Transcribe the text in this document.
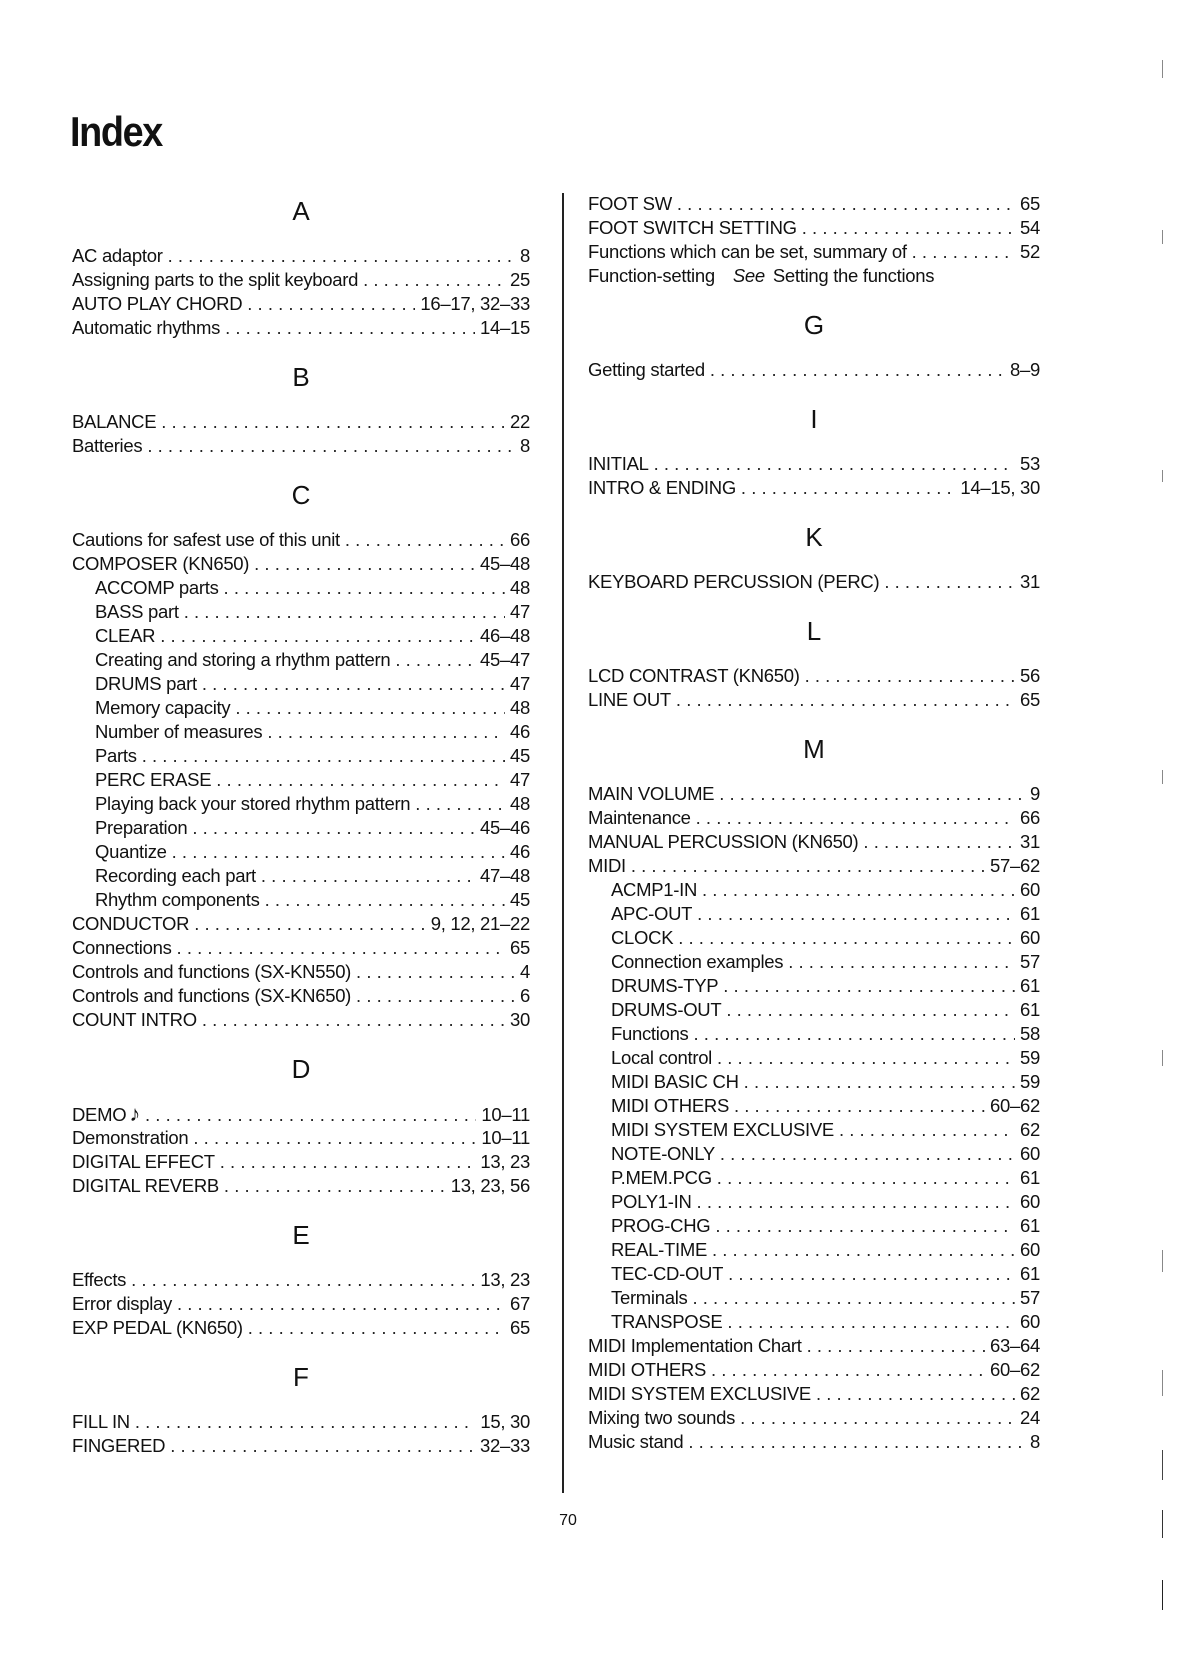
Index
A
AC adaptor . . .	8
Assigning parts to the split keyboard . . .	25
AUTO PLAY CHORD . . .	16–17, 32–33
Automatic rhythms . . .	14–15
B
BALANCE . . .	22
Batteries . . .	8
C
Cautions for safest use of this unit . . .	66
COMPOSER (KN650) . . .	45–48
ACCOMP parts . . .	48
BASS part . . .	47
CLEAR . . .	46–48
Creating and storing a rhythm pattern . . .	45–47
DRUMS part . . .	47
Memory capacity . . .	48
Number of measures . . .	46
Parts . . .	45
PERC ERASE . . .	47
Playing back your stored rhythm pattern . . .	48
Preparation . . .	45–46
Quantize . . .	46
Recording each part . . .	47–48
Rhythm components . . .	45
CONDUCTOR . . .	9, 12, 21–22
Connections . . .	65
Controls and functions (SX-KN550) . . .	4
Controls and functions (SX-KN650) . . .	6
COUNT INTRO . . .	30
D
DEMO ♪ . . .	10–11
Demonstration . . .	10–11
DIGITAL EFFECT . . .	13, 23
DIGITAL REVERB . . .	13, 23, 56
E
Effects . . .	13, 23
Error display . . .	67
EXP PEDAL (KN650) . . .	65
F
FILL IN . . .	15, 30
FINGERED . . .	32–33
FOOT SW . . .	65
FOOT SWITCH SETTING . . .	54
Functions which can be set, summary of . . .	52
Function-setting See Setting the functions
G
Getting started . . .	8–9
I
INITIAL . . .	53
INTRO & ENDING . . .	14–15, 30
K
KEYBOARD PERCUSSION (PERC) . . .	31
L
LCD CONTRAST (KN650) . . .	56
LINE OUT . . .	65
M
MAIN VOLUME . . .	9
Maintenance . . .	66
MANUAL PERCUSSION (KN650) . . .	31
MIDI . . .	57–62
ACMP1-IN . . .	60
APC-OUT . . .	61
CLOCK . . .	60
Connection examples . . .	57
DRUMS-TYP . . .	61
DRUMS-OUT . . .	61
Functions . . .	58
Local control . . .	59
MIDI BASIC CH . . .	59
MIDI OTHERS . . .	60–62
MIDI SYSTEM EXCLUSIVE . . .	62
NOTE-ONLY . . .	60
P.MEM.PCG . . .	61
POLY1-IN . . .	60
PROG-CHG . . .	61
REAL-TIME . . .	60
TEC-CD-OUT . . .	61
Terminals . . .	57
TRANSPOSE . . .	60
MIDI Implementation Chart . . .	63–64
MIDI OTHERS . . .	60–62
MIDI SYSTEM EXCLUSIVE . . .	62
Mixing two sounds . . .	24
Music stand . . .	8
70
